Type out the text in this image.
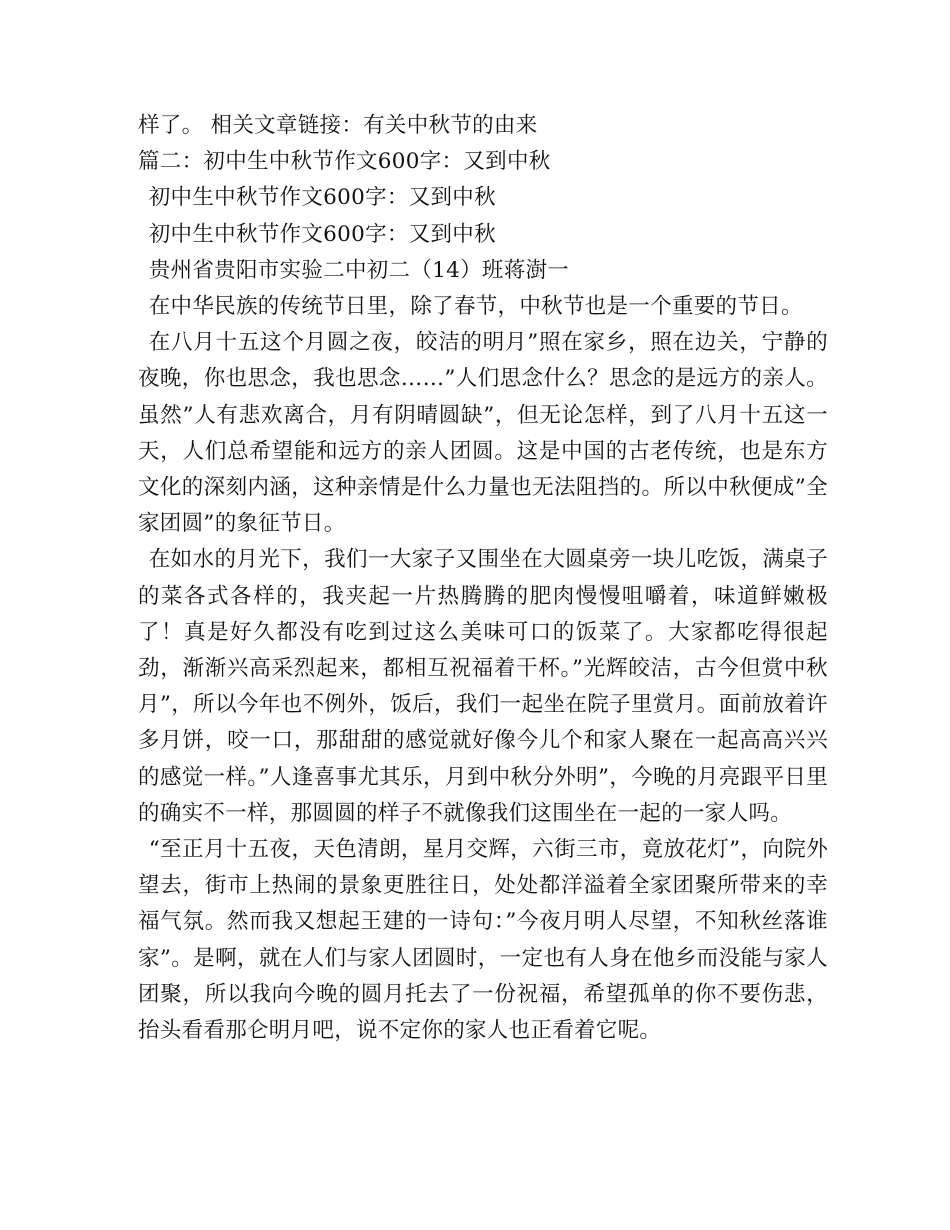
样了。 相关文章链接：有关中秋节的由来
篇二：初中生中秋节作文600字：又到中秋
初中生中秋节作文600字：又到中秋
初中生中秋节作文600字：又到中秋
贵州省贵阳市实验二中初二（14）班蒋澍一

在中华民族的传统节日里，除了春节，中秋节也是一个重要的节日。

在八月十五这个月圆之夜，皎洁的明月”照在家乡，照在边关，宁静的夜晚，你也思念，我也思念……”人们思念什么？思念的是远方的亲人。虽然”人有悲欢离合，月有阴晴圆缺”，但无论怎样，到了八月十五这一天，人们总希望能和远方的亲人团圆。这是中国的古老传统，也是东方文化的深刻内涵，这种亲情是什么力量也无法阻挡的。所以中秋便成”全家团圆”的象征节日。

在如水的月光下，我们一大家子又围坐在大圆桌旁一块儿吃饭，满桌子的菜各式各样的，我夹起一片热腾腾的肥肉慢慢咀嚼着，味道鲜嫩极了！真是好久都没有吃到过这么美味可口的饭菜了。大家都吃得很起劲，渐渐兴高采烈起来，都相互祝福着干杯。”光辉皎洁，古今但赏中秋月”，所以今年也不例外，饭后，我们一起坐在院子里赏月。面前放着许多月饼，咬一口，那甜甜的感觉就好像今儿个和家人聚在一起高高兴兴的感觉一样。”人逢喜事尤其乐，月到中秋分外明”，今晚的月亮跟平日里的确实不一样，那圆圆的样子不就像我们这围坐在一起的一家人吗。

“至正月十五夜，天色清朗，星月交辉，六街三市，竟放花灯”，向院外望去，街市上热闹的景象更胜往日，处处都洋溢着全家团聚所带来的幸福气氛。然而我又想起王建的一诗句：”今夜月明人尽望，不知秋丝落谁家”。是啊，就在人们与家人团圆时，一定也有人身在他乡而没能与家人团聚，所以我向今晚的圆月托去了一份祝福，希望孤单的你不要伤悲，抬头看看那仑明月吧，说不定你的家人也正看着它呢。
